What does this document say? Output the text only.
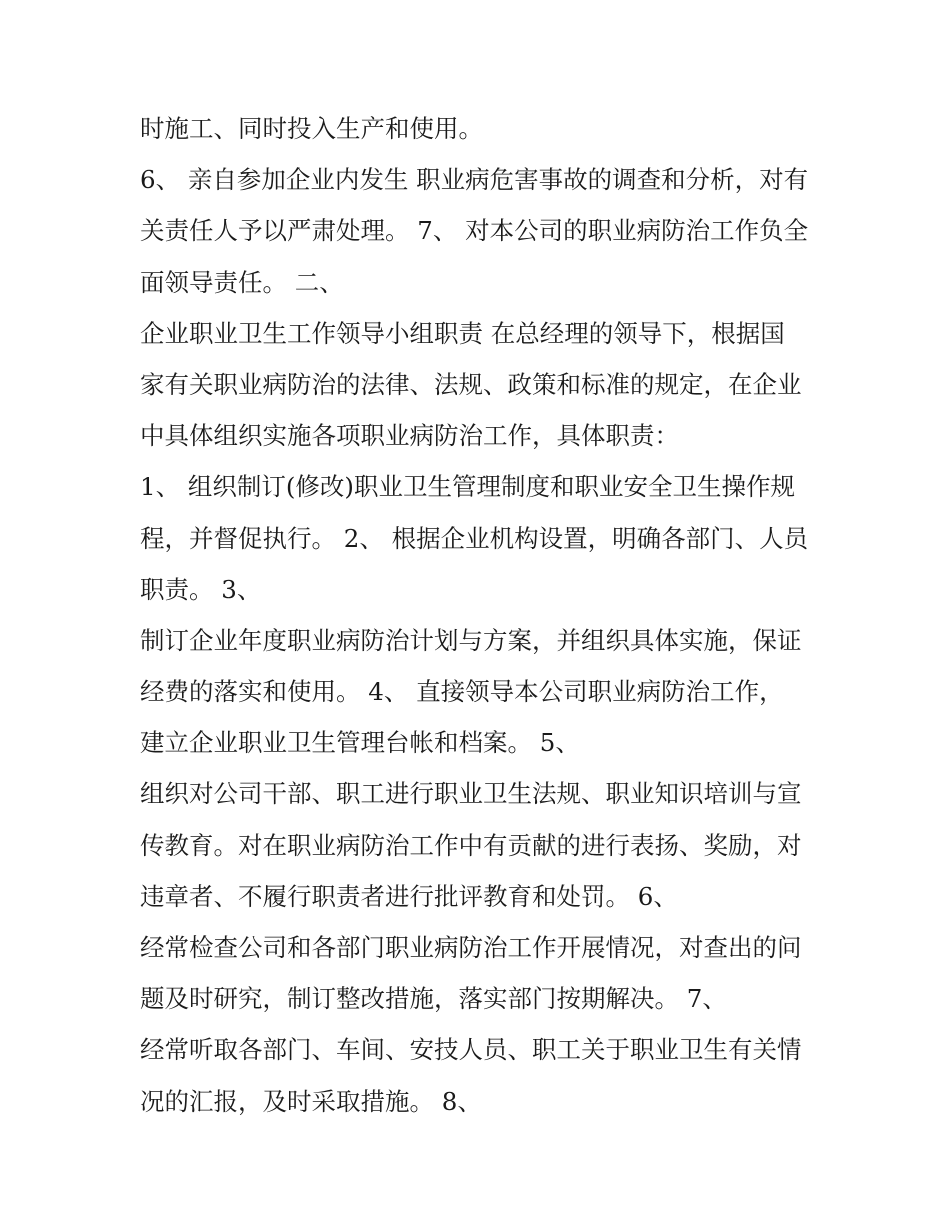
时施工、同时投入生产和使用。
6、 亲自参加企业内发生 职业病危害事故的调查和分析，对有
关责任人予以严肃处理。 7、 对本公司的职业病防治工作负全
面领导责任。 二、
企业职业卫生工作领导小组职责 在总经理的领导下，根据国
家有关职业病防治的法律、法规、政策和标准的规定，在企业
中具体组织实施各项职业病防治工作，具体职责：
1、 组织制订(修改)职业卫生管理制度和职业安全卫生操作规
程，并督促执行。 2、 根据企业机构设置，明确各部门、人员
职责。 3、
制订企业年度职业病防治计划与方案，并组织具体实施，保证
经费的落实和使用。 4、 直接领导本公司职业病防治工作，
建立企业职业卫生管理台帐和档案。 5、
组织对公司干部、职工进行职业卫生法规、职业知识培训与宣
传教育。对在职业病防治工作中有贡献的进行表扬、奖励，对
违章者、不履行职责者进行批评教育和处罚。 6、
经常检查公司和各部门职业病防治工作开展情况，对查出的问
题及时研究，制订整改措施，落实部门按期解决。 7、
经常听取各部门、车间、安技人员、职工关于职业卫生有关情
况的汇报，及时采取措施。 8、
